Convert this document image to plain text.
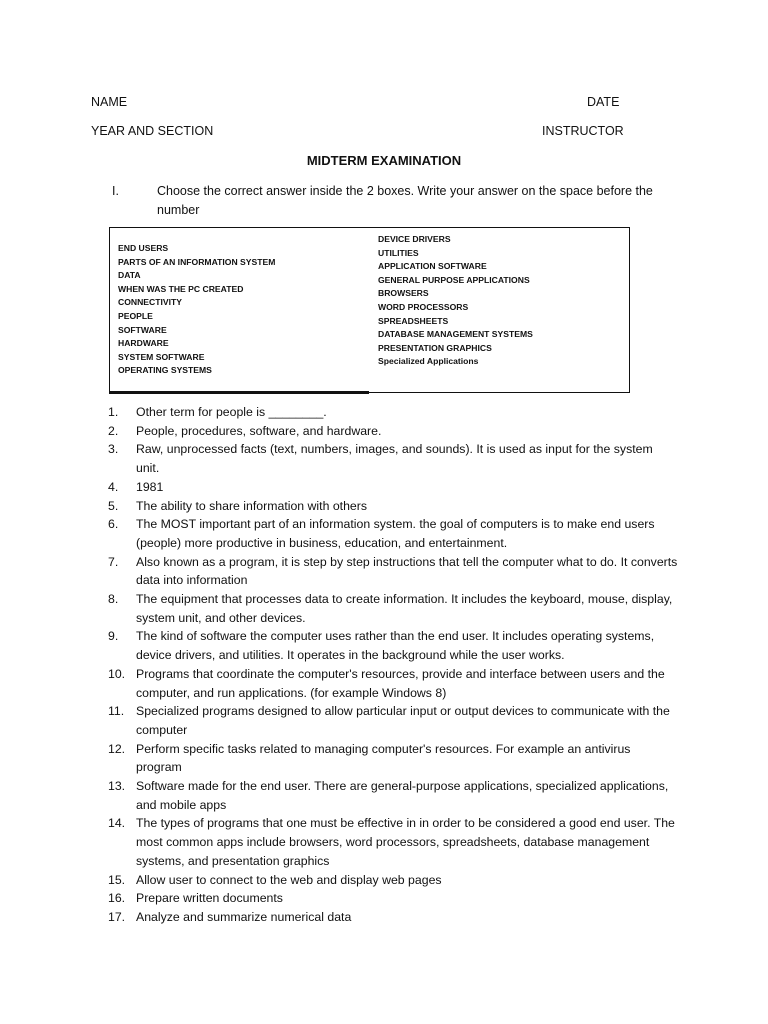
NAME	DATE
YEAR AND SECTION	INSTRUCTOR
MIDTERM EXAMINATION
I.	Choose the correct answer inside the 2 boxes. Write your answer on the space before the number
END USERS
PARTS OF AN INFORMATION SYSTEM
DATA
WHEN WAS THE PC CREATED
CONNECTIVITY
PEOPLE
SOFTWARE
HARDWARE
SYSTEM SOFTWARE
OPERATING SYSTEMS
DEVICE DRIVERS
UTILITIES
APPLICATION SOFTWARE
GENERAL PURPOSE APPLICATIONS
BROWSERS
WORD PROCESSORS
SPREADSHEETS
DATABASE MANAGEMENT SYSTEMS
PRESENTATION GRAPHICS
Specialized Applications
1. Other term for people is ________.
2. People, procedures, software, and hardware.
3. Raw, unprocessed facts (text, numbers, images, and sounds). It is used as input for the system unit.
4. 1981
5. The ability to share information with others
6. The MOST important part of an information system. the goal of computers is to make end users (people) more productive in business, education, and entertainment.
7. Also known as a program, it is step by step instructions that tell the computer what to do. It converts data into information
8. The equipment that processes data to create information. It includes the keyboard, mouse, display, system unit, and other devices.
9. The kind of software the computer uses rather than the end user. It includes operating systems, device drivers, and utilities. It operates in the background while the user works.
10. Programs that coordinate the computer's resources, provide and interface between users and the computer, and run applications. (for example Windows 8)
11. Specialized programs designed to allow particular input or output devices to communicate with the computer
12. Perform specific tasks related to managing computer's resources. For example an antivirus program
13. Software made for the end user. There are general-purpose applications, specialized applications, and mobile apps
14. The types of programs that one must be effective in in order to be considered a good end user. The most common apps include browsers, word processors, spreadsheets, database management systems, and presentation graphics
15. Allow user to connect to the web and display web pages
16. Prepare written documents
17. Analyze and summarize numerical data
